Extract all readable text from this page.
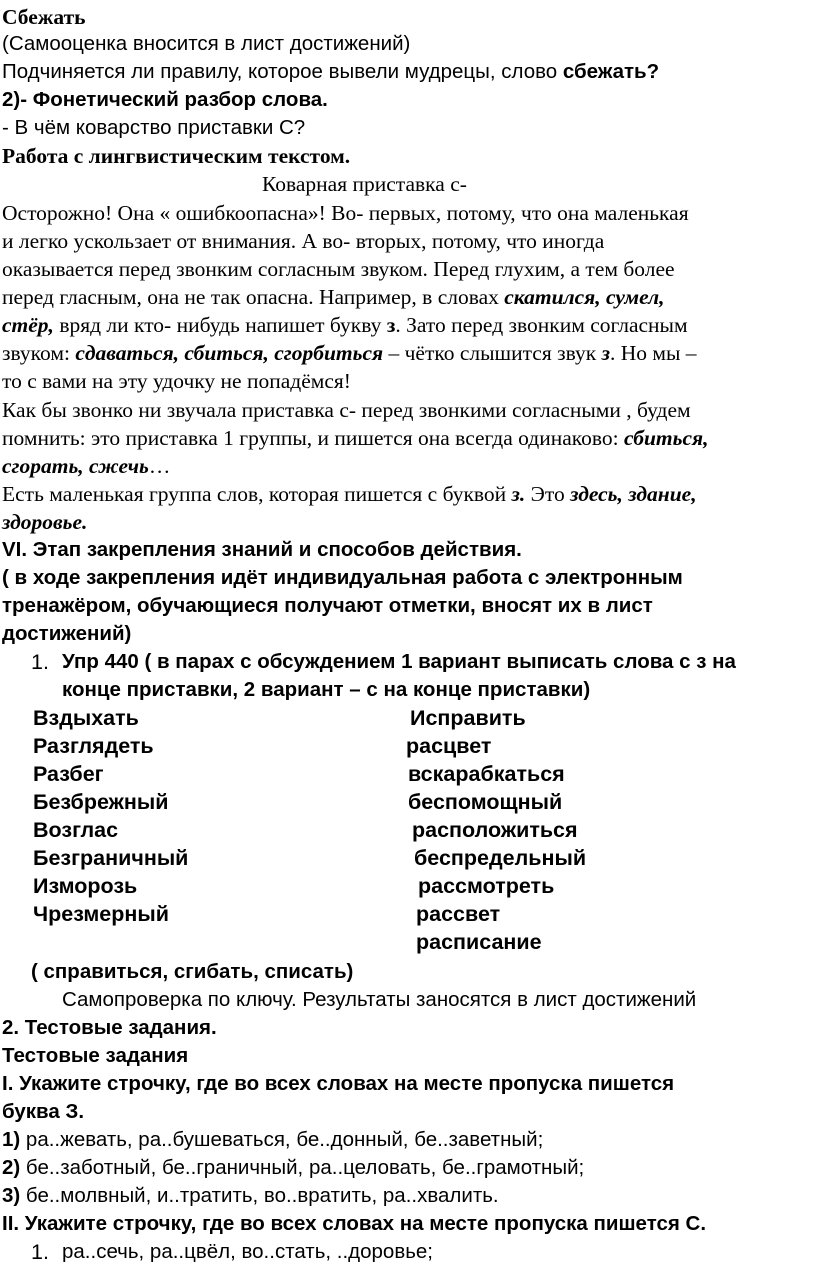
Сбежать
(Самооценка вносится в лист достижений)
Подчиняется ли правилу, которое вывели мудрецы, слово сбежать?
2)- Фонетический разбор слова.
- В чём коварство приставки С?
Работа с лингвистическим текстом.
Коварная приставка с-
Осторожно! Она « ошибкоопасна»! Во- первых, потому, что она маленькая
и легко ускользает от внимания. А во- вторых, потому, что иногда
оказывается перед звонким согласным звуком. Перед глухим, а тем более
перед гласным, она не так опасна. Например, в словах скатился, сумел,
стёр, вряд ли кто- нибудь напишет букву з. Зато перед звонким согласным
звуком: сдаваться, сбиться, сгорбиться – чётко слышится звук з. Но мы –
то с вами на эту удочку не попадёмся!
Как бы звонко ни звучала приставка с- перед звонкими согласными , будем
помнить: это приставка 1 группы, и пишется она всегда одинаково: сбиться,
сгорать, сжечь…
Есть маленькая группа слов, которая пишется с буквой з. Это здесь, здание,
здоровье.
VI. Этап закрепления знаний и способов действия.
( в ходе закрепления идёт индивидуальная работа с электронным
тренажёром, обучающиеся получают отметки, вносят их в лист
достижений)
1. Упр 440 ( в парах с обсуждением 1 вариант выписать слова с з на
конце приставки, 2 вариант – с на конце приставки)
Вздыхать
Разглядеть
Разбег
Безбрежный
Возглас
Безграничный
Изморозь
Чрезмерный
Исправить
расцвет
вскарабкаться
беспомощный
расположиться
беспредельный
рассмотреть
рассвет
расписание
( справиться, сгибать, списать)
Самопроверка по ключу. Результаты заносятся в лист достижений
2. Тестовые задания.
Тестовые задания
I. Укажите строчку, где во всех словах на месте пропуска пишется
буква З.
1) ра..жевать, ра..бушеваться, бе..донный, бе..заветный;
2) бе..заботный, бе..граничный, ра..целовать, бе..грамотный;
3) бе..молвный, и..тратить, во..вратить, ра..хвалить.
II. Укажите строчку, где во всех словах на месте пропуска пишется С.
1. ра..сечь, ра..цвёл, во..стать, ..доровье;
